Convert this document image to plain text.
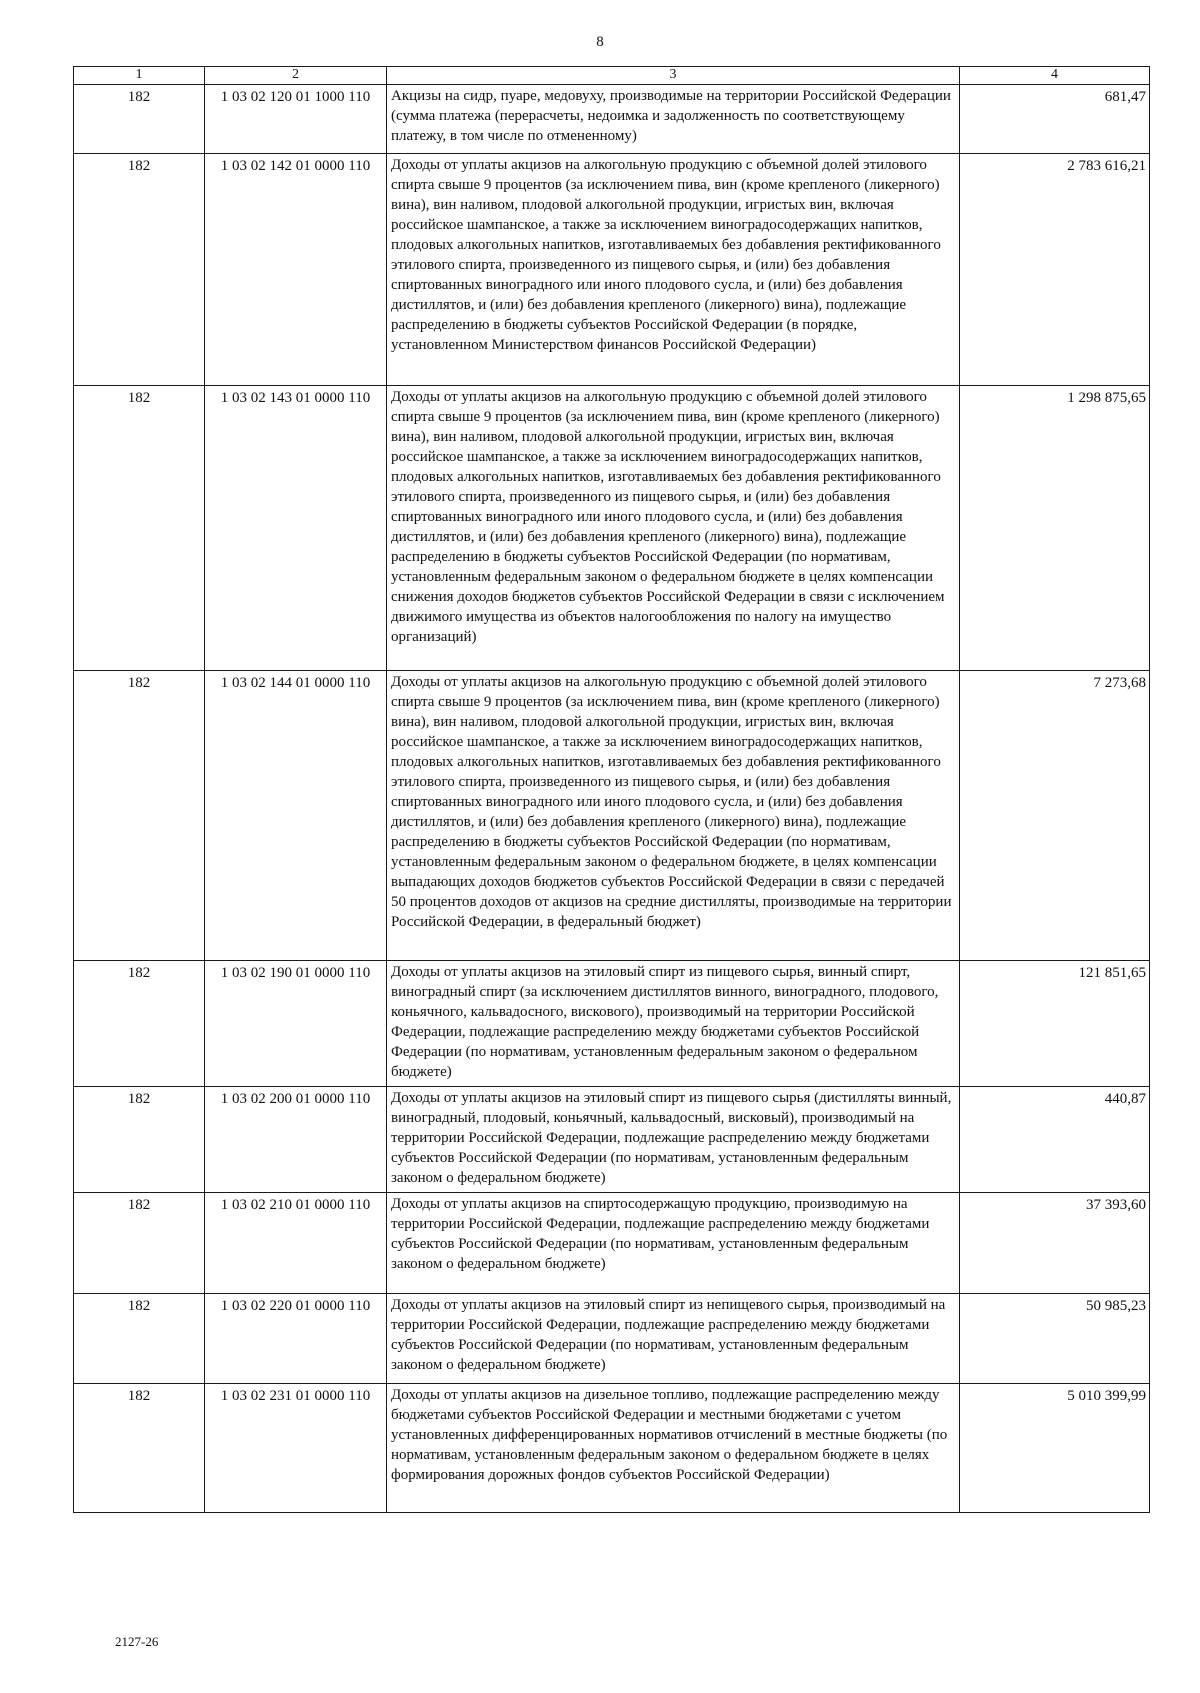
8
1	2	3	4
182	1 03 02 120 01 1000 110	Акцизы на сидр, пуаре, медовуху, производимые на территории Российской Федерации (сумма платежа (перерасчеты, недоимка и задолженность по соответствующему платежу, в том числе по отмененному)	681,47
182	1 03 02 142 01 0000 110	Доходы от уплаты акцизов на алкогольную продукцию с объемной долей этилового спирта свыше 9 процентов (за исключением пива, вин (кроме крепленого (ликерного) вина), вин наливом, плодовой алкогольной продукции, игристых вин, включая российское шампанское, а также за исключением виноградосодержащих напитков, плодовых алкогольных напитков, изготавливаемых без добавления ректификованного этилового спирта, произведенного из пищевого сырья, и (или) без добавления спиртованных виноградного или иного плодового сусла, и (или) без добавления дистиллятов, и (или) без добавления крепленого (ликерного) вина), подлежащие распределению в бюджеты субъектов Российской Федерации (в порядке, установленном Министерством финансов Российской Федерации)	2 783 616,21
182	1 03 02 143 01 0000 110	Доходы от уплаты акцизов на алкогольную продукцию с объемной долей этилового спирта свыше 9 процентов (за исключением пива, вин (кроме крепленого (ликерного) вина), вин наливом, плодовой алкогольной продукции, игристых вин, включая российское шампанское, а также за исключением виноградосодержащих напитков, плодовых алкогольных напитков, изготавливаемых без добавления ректификованного этилового спирта, произведенного из пищевого сырья, и (или) без добавления спиртованных виноградного или иного плодового сусла, и (или) без добавления дистиллятов, и (или) без добавления крепленого (ликерного) вина), подлежащие распределению в бюджеты субъектов Российской Федерации (по нормативам, установленным федеральным законом о федеральном бюджете в целях компенсации снижения доходов бюджетов субъектов Российской Федерации в связи с исключением движимого имущества из объектов налогообложения по налогу на имущество организаций)	1 298 875,65
182	1 03 02 144 01 0000 110	Доходы от уплаты акцизов на алкогольную продукцию с объемной долей этилового спирта свыше 9 процентов (за исключением пива, вин (кроме крепленого (ликерного) вина), вин наливом, плодовой алкогольной продукции, игристых вин, включая российское шампанское, а также за исключением виноградосодержащих напитков, плодовых алкогольных напитков, изготавливаемых без добавления ректификованного этилового спирта, произведенного из пищевого сырья, и (или) без добавления спиртованных виноградного или иного плодового сусла, и (или) без добавления дистиллятов, и (или) без добавления крепленого (ликерного) вина), подлежащие распределению в бюджеты субъектов Российской Федерации (по нормативам, установленным федеральным законом о федеральном бюджете, в целях компенсации выпадающих доходов бюджетов субъектов Российской Федерации в связи с передачей 50 процентов доходов от акцизов на средние дистилляты, производимые на территории Российской Федерации, в федеральный бюджет)	7 273,68
182	1 03 02 190 01 0000 110	Доходы от уплаты акцизов на этиловый спирт из пищевого сырья, винный спирт, виноградный спирт (за исключением дистиллятов винного, виноградного, плодового, коньячного, кальвадосного, вискового), производимый на территории Российской Федерации, подлежащие распределению между бюджетами субъектов Российской Федерации (по нормативам, установленным федеральным законом о федеральном бюджете)	121 851,65
182	1 03 02 200 01 0000 110	Доходы от уплаты акцизов на этиловый спирт из пищевого сырья (дистилляты винный, виноградный, плодовый, коньячный, кальвадосный, висковый), производимый на территории Российской Федерации, подлежащие распределению между бюджетами субъектов Российской Федерации (по нормативам, установленным федеральным законом о федеральном бюджете)	440,87
182	1 03 02 210 01 0000 110	Доходы от уплаты акцизов на спиртосодержащую продукцию, производимую на территории Российской Федерации, подлежащие распределению между бюджетами субъектов Российской Федерации (по нормативам, установленным федеральным законом о федеральном бюджете)	37 393,60
182	1 03 02 220 01 0000 110	Доходы от уплаты акцизов на этиловый спирт из непищевого сырья, производимый на территории Российской Федерации, подлежащие распределению между бюджетами субъектов Российской Федерации (по нормативам, установленным федеральным законом о федеральном бюджете)	50 985,23
182	1 03 02 231 01 0000 110	Доходы от уплаты акцизов на дизельное топливо, подлежащие распределению между бюджетами субъектов Российской Федерации и местными бюджетами с учетом установленных дифференцированных нормативов отчислений в местные бюджеты (по нормативам, установленным федеральным законом о федеральном бюджете в целях формирования дорожных фондов субъектов Российской Федерации)	5 010 399,99
2127-26
